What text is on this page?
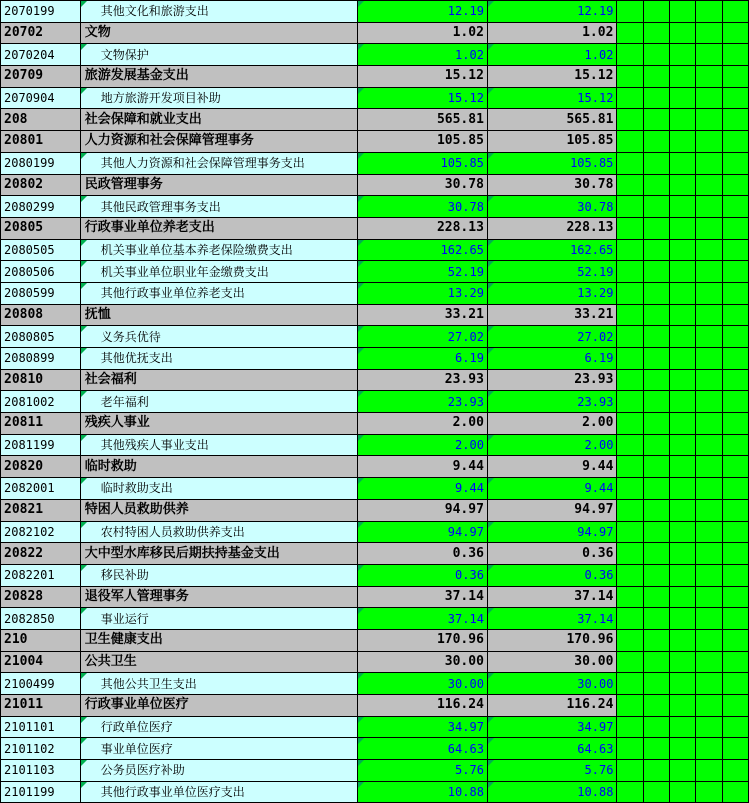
2070199	其他文化和旅游支出	12.19	12.19					
20702	文物	1.02	1.02					
2070204	文物保护	1.02	1.02					
20709	旅游发展基金支出	15.12	15.12					
2070904	地方旅游开发项目补助	15.12	15.12					
208	社会保障和就业支出	565.81	565.81					
20801	人力资源和社会保障管理事务	105.85	105.85					
2080199	其他人力资源和社会保障管理事务支出	105.85	105.85					
20802	民政管理事务	30.78	30.78					
2080299	其他民政管理事务支出	30.78	30.78					
20805	行政事业单位养老支出	228.13	228.13					
2080505	机关事业单位基本养老保险缴费支出	162.65	162.65					
2080506	机关事业单位职业年金缴费支出	52.19	52.19					
2080599	其他行政事业单位养老支出	13.29	13.29					
20808	抚恤	33.21	33.21					
2080805	义务兵优待	27.02	27.02					
2080899	其他优抚支出	6.19	6.19					
20810	社会福利	23.93	23.93					
2081002	老年福利	23.93	23.93					
20811	残疾人事业	2.00	2.00					
2081199	其他残疾人事业支出	2.00	2.00					
20820	临时救助	9.44	9.44					
2082001	临时救助支出	9.44	9.44					
20821	特困人员救助供养	94.97	94.97					
2082102	农村特困人员救助供养支出	94.97	94.97					
20822	大中型水库移民后期扶持基金支出	0.36	0.36					
2082201	移民补助	0.36	0.36					
20828	退役军人管理事务	37.14	37.14					
2082850	事业运行	37.14	37.14					
210	卫生健康支出	170.96	170.96					
21004	公共卫生	30.00	30.00					
2100499	其他公共卫生支出	30.00	30.00					
21011	行政事业单位医疗	116.24	116.24					
2101101	行政单位医疗	34.97	34.97					
2101102	事业单位医疗	64.63	64.63					
2101103	公务员医疗补助	5.76	5.76					
2101199	其他行政事业单位医疗支出	10.88	10.88					
